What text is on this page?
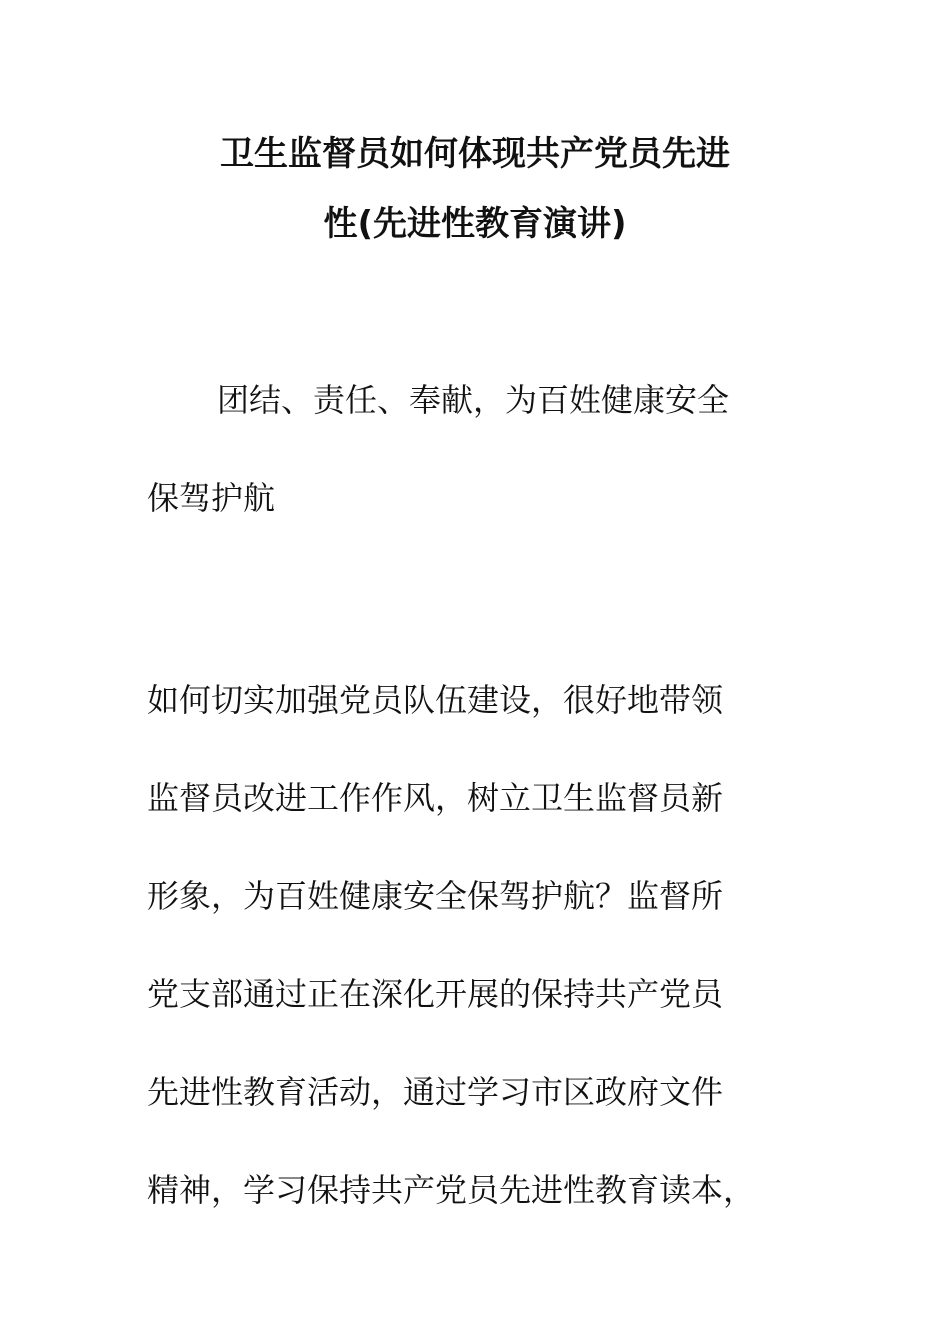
卫生监督员如何体现共产党员先进
性(先进性教育演讲)

团结、责任、奉献，为百姓健康安全

保驾护航

如何切实加强党员队伍建设，很好地带领

监督员改进工作作风，树立卫生监督员新

形象，为百姓健康安全保驾护航？监督所

党支部通过正在深化开展的保持共产党员

先进性教育活动，通过学习市区政府文件

精神，学习保持共产党员先进性教育读本，
